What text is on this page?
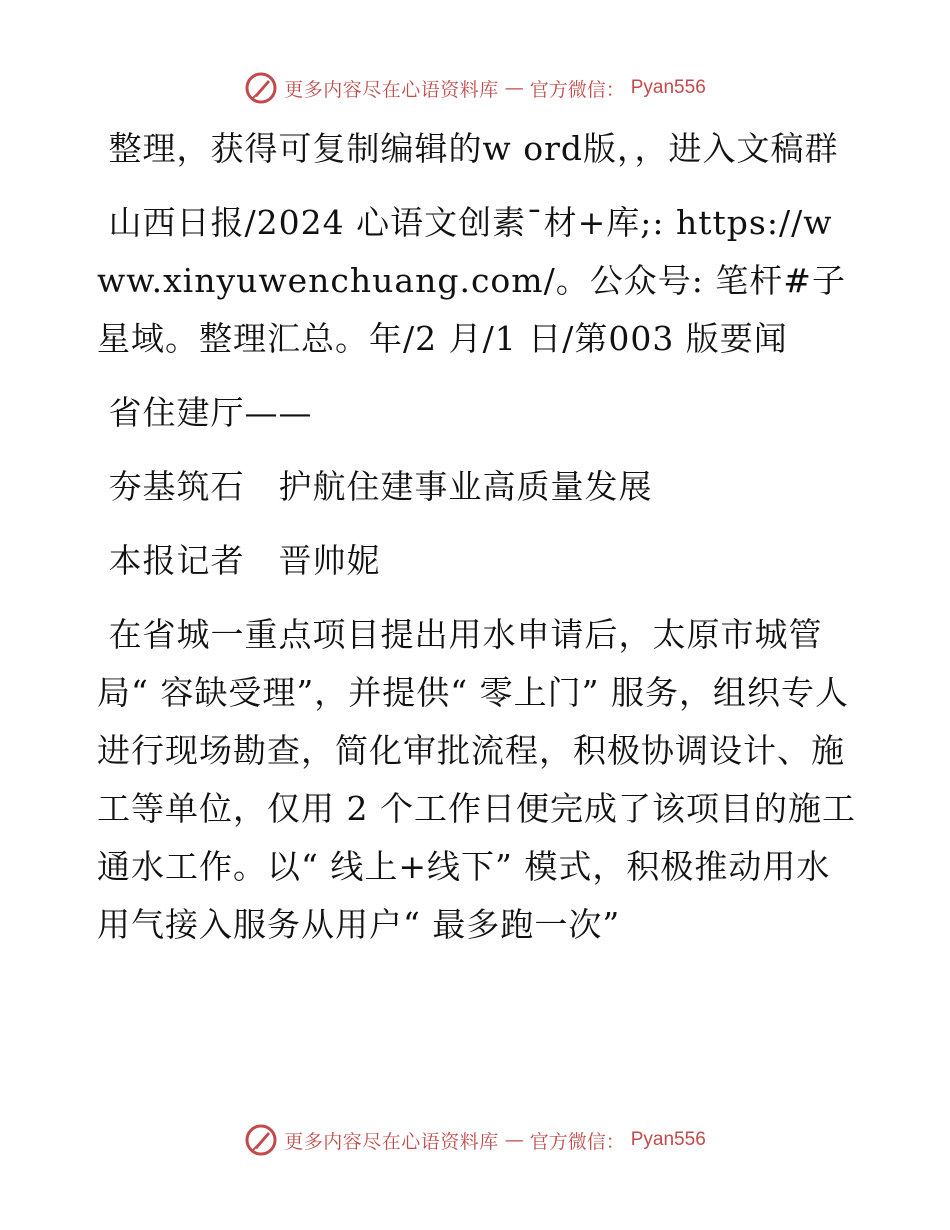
更多内容尽在心语资料库 — 官方微信： Pyan556

整理，获得可复制编辑的w ord版，，进入文稿群

山西日报/2024 心语文创素¯材+库;: https://www.xinyuwenchuang.com/。公众号: 笔杆#子星域。整理汇总。年/2 月/1 日/第003 版要闻

省住建厅——

夯基筑石　护航住建事业高质量发展

本报记者　晋帅妮

在省城一重点项目提出用水申请后，太原市城管局“ 容缺受理”，并提供“ 零上门” 服务，组织专人进行现场勘查，简化审批流程，积极协调设计、施工等单位，仅用 2 个工作日便完成了该项目的施工通水工作。以“ 线上+线下” 模式，积极推动用水用气接入服务从用户“ 最多跑一次”

更多内容尽在心语资料库 — 官方微信： Pyan556
